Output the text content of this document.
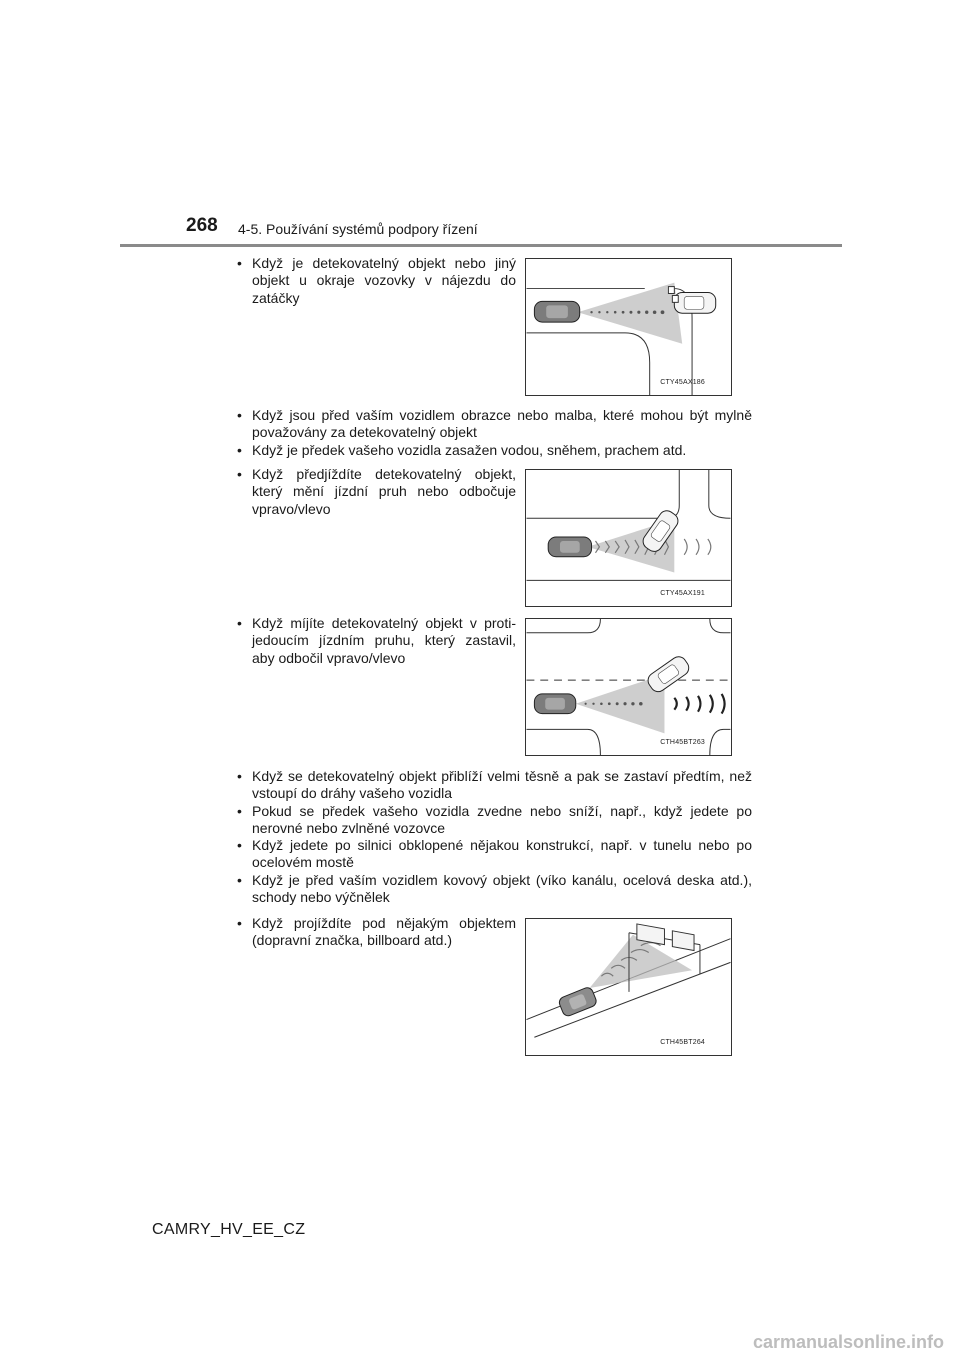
268 4-5. Používání systémů podpory řízení
• Když je detekovatelný objekt nebo jiný objekt u okraje vozovky v nájezdu do zatáčky
CTY45AX186
• Když jsou před vaším vozidlem obrazce nebo malba, které mohou být mylně považovány za detekovatelný objekt
• Když je předek vašeho vozidla zasažen vodou, sněhem, prachem atd.
• Když předjíždíte detekovatelný objekt, který mění jízdní pruh nebo odbočuje vpravo/vlevo
CTY45AX191
• Když míjíte detekovatelný objekt v proti-jedoucím jízdním pruhu, který zastavil, aby odbočil vpravo/vlevo
CTH45BT263
• Když se detekovatelný objekt přiblíží velmi těsně a pak se zastaví předtím, než vstoupí do dráhy vašeho vozidla
• Pokud se předek vašeho vozidla zvedne nebo sníží, např., když jedete po nerovné nebo zvlněné vozovce
• Když jedete po silnici obklopené nějakou konstrukcí, např. v tunelu nebo po ocelovém mostě
• Když je před vaším vozidlem kovový objekt (víko kanálu, ocelová deska atd.), schody nebo výčnělek
• Když projíždíte pod nějakým objektem (dopravní značka, billboard atd.)
CTH45BT264
CAMRY_HV_EE_CZ
carmanualsonline.info
